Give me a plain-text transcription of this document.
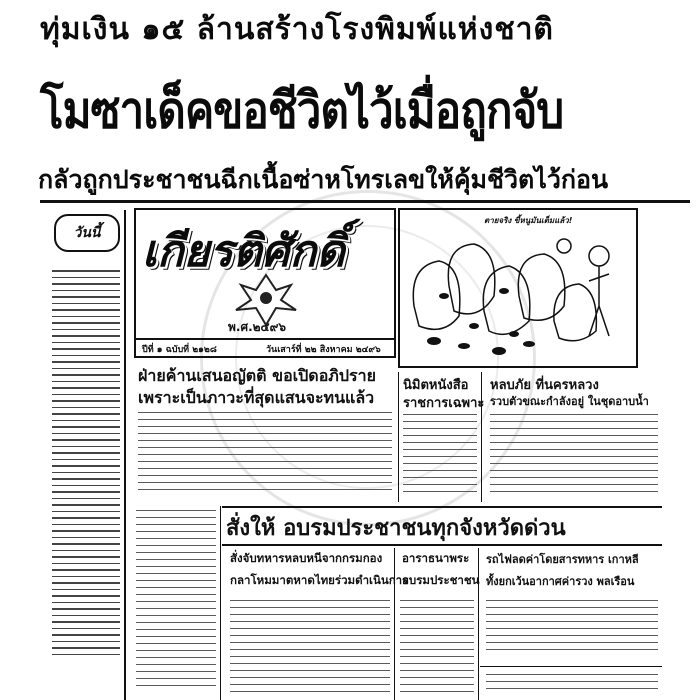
ทุ่มเงิน ๑๕ ล้านสร้างโรงพิมพ์แห่งชาติ
โมซาเด็คขอชีวิตไว้เมื่อถูกจับ
กลัวถูกประชาชนฉีกเนื้อซ่าหโทรเลขให้คุ้มชีวิตไว้ก่อน
วันนี้ เกียรติศักดิ์
พ.ศ.๒๔๙๖
ปีที่ ๑ ฉบับที่ ๒๑๒๘	วันเสาร์ที่ ๒๒ สิงหาคม ๒๔๙๖
ตายจริง ขี้หนูมันเต็มแล้ว!
ฝ่ายค้านเสนอญัตติ ขอเปิดอภิปราย
เพราะเป็นภาวะที่สุดแสนจะทนแล้ว
นิมิตหนังสือ
ราชการเฉพาะ
หลบภัย ที่นครหลวง
รวบตัวขณะกำลังอยู่ ในชุดอาบน้ำ
สั่งให้ อบรมประชาชนทุกจังหวัดด่วน
สั่งจับทหารหลบหนีจากกรมกอง
กลาโหมมาตหาดไทยร่วมดำเนินการ
อาราธนาพระ
อบรมประชาชน
รถไฟลดค่าโดยสารทหาร เกาหลี
ทั้งยกเว้นอากาศค่ารวง พลเรือน
